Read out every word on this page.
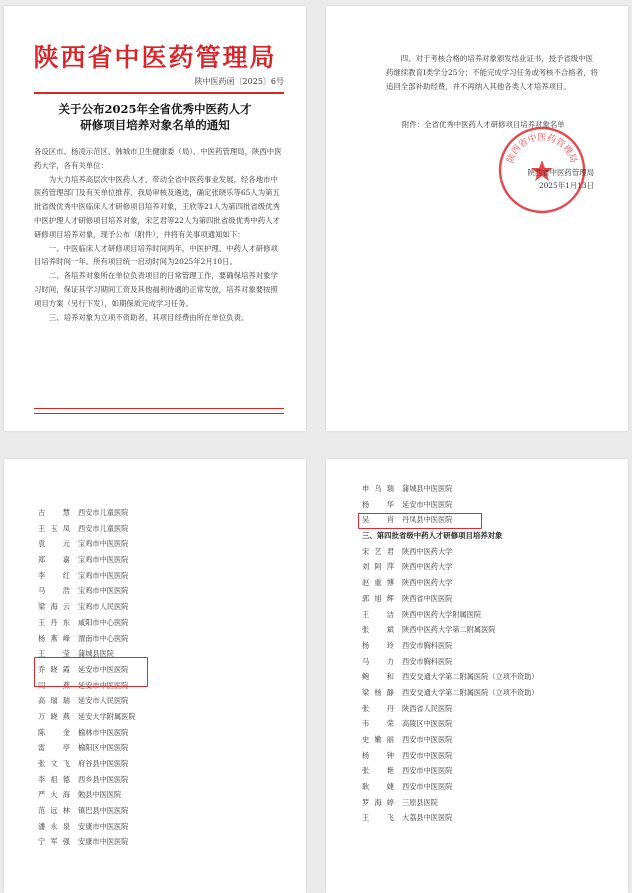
陕西省中医药管理局
陕中医药函〔2025〕6号
关于公布2025年全省优秀中医药人才
研修项目培养对象名单的通知

各设区市、杨凌示范区、韩城市卫生健康委（局）、中医药管理局，陕西中医药大学，各有关单位：

为大力培养高层次中医药人才，带动全省中医药事业发展，经各地市中医药管理部门及有关单位推荐、我局审核及遴选，确定张晓乐等65人为第五批省级优秀中医临床人才研修项目培养对象，王欣等21人为第四批省级优秀中医护理人才研修项目培养对象，宋艺君等22人为第四批省级优秀中药人才研修项目培养对象，现予公布（附件），并将有关事项通知如下：

一、中医临床人才研修项目培养时间两年，中医护理、中药人才研修项目培养时间一年。所有项目统一启动时间为2025年2月10日。

二、各培养对象所在单位负责项目的日常管理工作，要确保培养对象学习时间，保证其学习期间工资及其他福利待遇的正常发放，培养对象要按照项目方案（另行下发），如期保质完成学习任务。

三、培养对象为立项不资助者，其项目经费由所在单位负责。

四、对于考核合格的培养对象颁发结业证书，授予省级中医药继续教育Ⅰ类学分25分；不能完成学习任务或考核不合格者，将追回全部补助经费，并不再纳入其他各类人才培养项目。

附件：全省优秀中医药人才研修项目培养对象名单
陕西省中医药管理局
陕西省中医药管理局
2025年1月13日
古 慧 西安市儿童医院
王玉凤 西安市儿童医院
袁 元 宝鸡市中医医院
郑 嘉 宝鸡市中医医院
李 红 宝鸡市中医医院
马 浩 宝鸡市中医医院
梁海云 宝鸡市人民医院
王丹东 咸阳市中心医院
杨燕峰 渭南市中心医院
王 莹 蒲城县医院
乔晓霞 延安市中医医院
闫 燕 延安市中医医院
高瑞瑞 延安市人民医院
万晓燕 延安大学附属医院
陈 金 榆林市中医医院
雷 亭 榆阳区中医医院
张文飞 府谷县中医医院
李祖德 西乡县中医医院
严大海 勉县中医医院
范远林 镇巴县中医医院
潘永泉 安康市中医医院
宁军强 安康市中医医院
申乌瑞 蒲城县中医医院
杨 华 延安市中医医院
吴 肖 丹凤县中医医院
三、第四批省级中药人才研修项目培养对象
宋艺君 陕西中医药大学
刘阿萍 陕西中医药大学
赵重博 陕西中医药大学
郭旭辉 陕西省中医医院
王 洁 陕西中医药大学附属医院
张 斌 陕西中医药大学第二附属医院
杨 玲 西安市胸科医院
马 力 西安市胸科医院
鲍 和 西安交通大学第二附属医院（立项不资助）
梁杨静 西安交通大学第二附属医院（立项不资助）
张 丹 陕西省人民医院
韦 荣 高陵区中医医院
史嫩丽 西安市中医医院
杨 钟 西安市中医医院
张 艳 西安市中医医院
耿 婕 西安市中医医院
罗海婷 三原县医院
王 飞 大荔县中医医院
